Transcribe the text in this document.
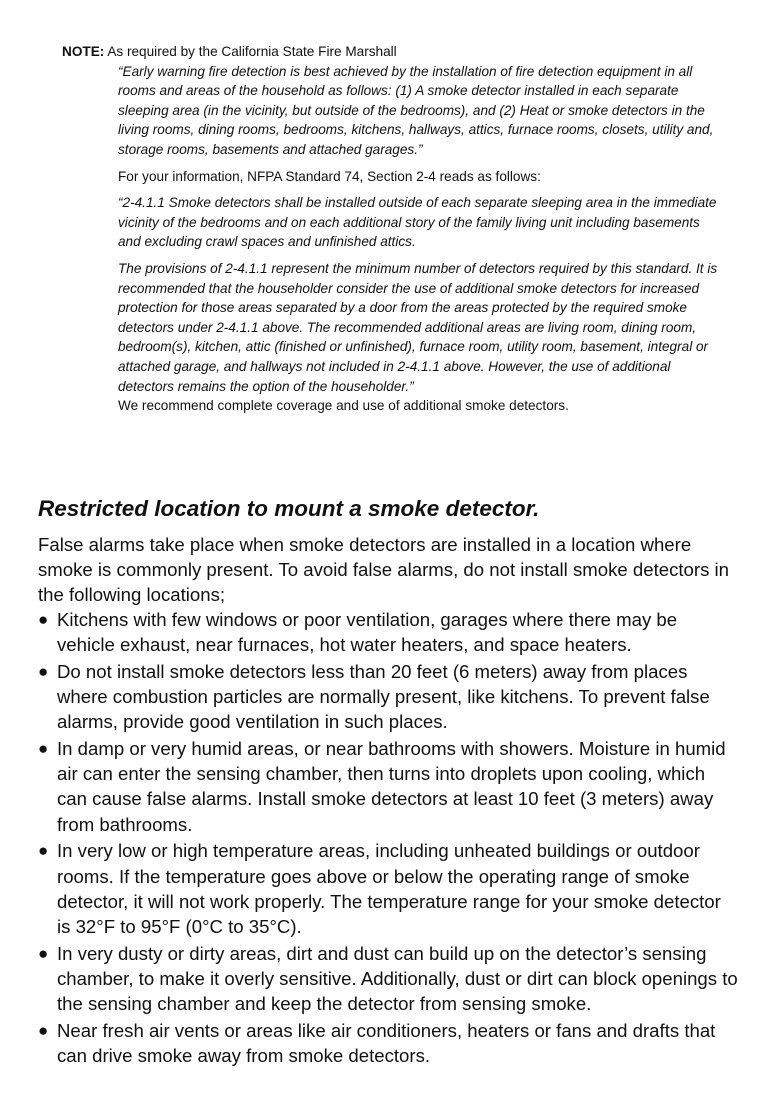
NOTE: As required by the California State Fire Marshall

“Early warning fire detection is best achieved by the installation of fire detection equipment in all rooms and areas of the household as follows: (1) A smoke detector installed in each separate sleeping area (in the vicinity, but outside of the bedrooms), and (2) Heat or smoke detectors in the living rooms, dining rooms, bedrooms, kitchens, hallways, attics, furnace rooms, closets, utility and, storage rooms, basements and attached garages.”

For your information, NFPA Standard 74, Section 2-4 reads as follows:

“2-4.1.1 Smoke detectors shall be installed outside of each separate sleeping area in the immediate vicinity of the bedrooms and on each additional story of the family living unit including basements and excluding crawl spaces and unfinished attics.

The provisions of 2-4.1.1 represent the minimum number of detectors required by this standard. It is recommended that the householder consider the use of additional smoke detectors for increased protection for those areas separated by a door from the areas protected by the required smoke detectors under 2-4.1.1 above. The recommended additional areas are living room, dining room, bedroom(s), kitchen, attic (finished or unfinished), furnace room, utility room, basement, integral or attached garage, and hallways not included in 2-4.1.1 above. However, the use of additional detectors remains the option of the householder.”

We recommend complete coverage and use of additional smoke detectors.

Restricted location to mount a smoke detector.

False alarms take place when smoke detectors are installed in a location where smoke is commonly present. To avoid false alarms, do not install smoke detectors in the following locations;

● Kitchens with few windows or poor ventilation, garages where there may be vehicle exhaust, near furnaces, hot water heaters, and space heaters.
● Do not install smoke detectors less than 20 feet (6 meters) away from places where combustion particles are normally present, like kitchens. To prevent false alarms, provide good ventilation in such places.
● In damp or very humid areas, or near bathrooms with showers. Moisture in humid air can enter the sensing chamber, then turns into droplets upon cooling, which can cause false alarms. Install smoke detectors at least 10 feet (3 meters) away from bathrooms.
● In very low or high temperature areas, including unheated buildings or outdoor rooms. If the temperature goes above or below the operating range of smoke detector, it will not work properly. The temperature range for your smoke detector is 32°F to 95°F (0°C to 35°C).
● In very dusty or dirty areas, dirt and dust can build up on the detector’s sensing chamber, to make it overly sensitive. Additionally, dust or dirt can block openings to the sensing chamber and keep the detector from sensing smoke.
● Near fresh air vents or areas like air conditioners, heaters or fans and drafts that can drive smoke away from smoke detectors.
